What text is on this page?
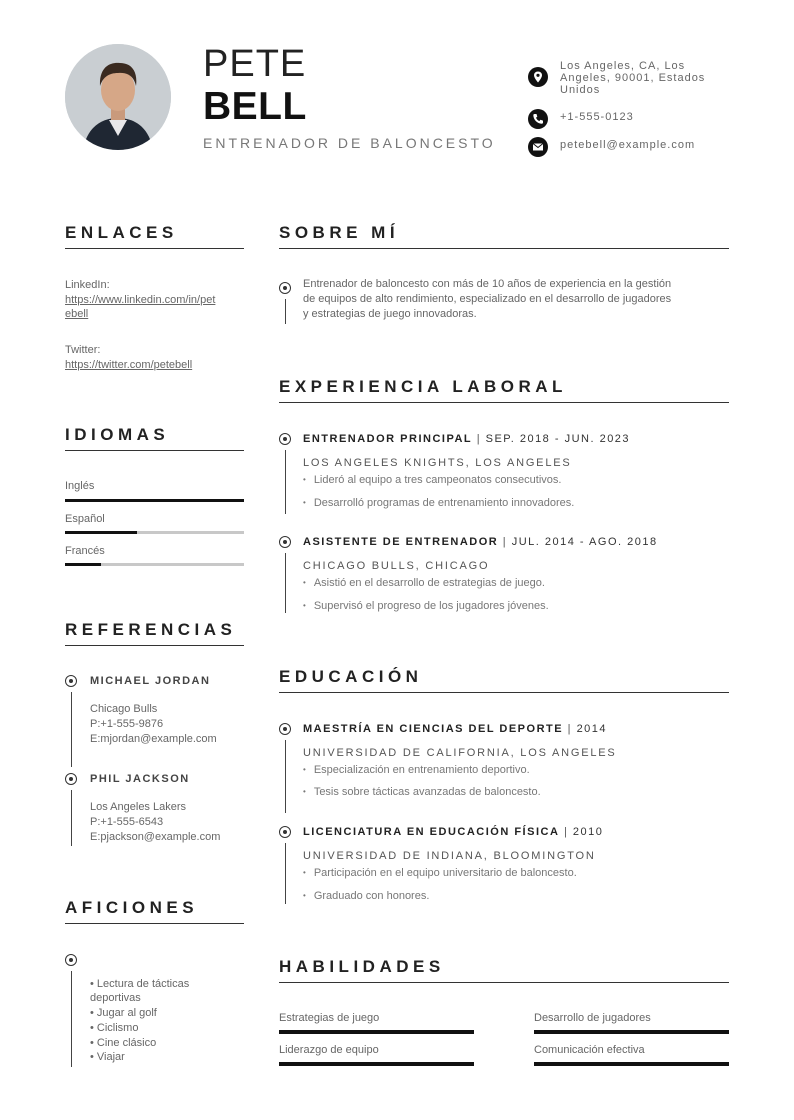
PETE
BELL
ENTRENADOR DE BALONCESTO
Los Angeles, CA, Los Angeles, 90001, Estados Unidos
+1-555-0123
petebell@example.com
ENLACES
LinkedIn:
https://www.linkedin.com/in/pet
ebell
Twitter:
https://twitter.com/petebell
IDIOMAS
Inglés
Español
Francés
REFERENCIAS
MICHAEL JORDAN
Chicago Bulls
P:+1-555-9876
E:mjordan@example.com
PHIL JACKSON
Los Angeles Lakers
P:+1-555-6543
E:pjackson@example.com
AFICIONES
• Lectura de tácticas
deportivas
• Jugar al golf
• Ciclismo
• Cine clásico
• Viajar
SOBRE MÍ
Entrenador de baloncesto con más de 10 años de experiencia en la gestión
de equipos de alto rendimiento, especializado en el desarrollo de jugadores
y estrategias de juego innovadoras.
EXPERIENCIA LABORAL
ENTRENADOR PRINCIPAL | SEP. 2018 - JUN. 2023
LOS ANGELES KNIGHTS, LOS ANGELES
• Lideró al equipo a tres campeonatos consecutivos.
• Desarrolló programas de entrenamiento innovadores.
ASISTENTE DE ENTRENADOR | JUL. 2014 - AGO. 2018
CHICAGO BULLS, CHICAGO
• Asistió en el desarrollo de estrategias de juego.
• Supervisó el progreso de los jugadores jóvenes.
EDUCACIÓN
MAESTRÍA EN CIENCIAS DEL DEPORTE | 2014
UNIVERSIDAD DE CALIFORNIA, LOS ANGELES
• Especialización en entrenamiento deportivo.
• Tesis sobre tácticas avanzadas de baloncesto.
LICENCIATURA EN EDUCACIÓN FÍSICA | 2010
UNIVERSIDAD DE INDIANA, BLOOMINGTON
• Participación en el equipo universitario de baloncesto.
• Graduado con honores.
HABILIDADES
Estrategias de juego	Desarrollo de jugadores
Liderazgo de equipo	Comunicación efectiva
